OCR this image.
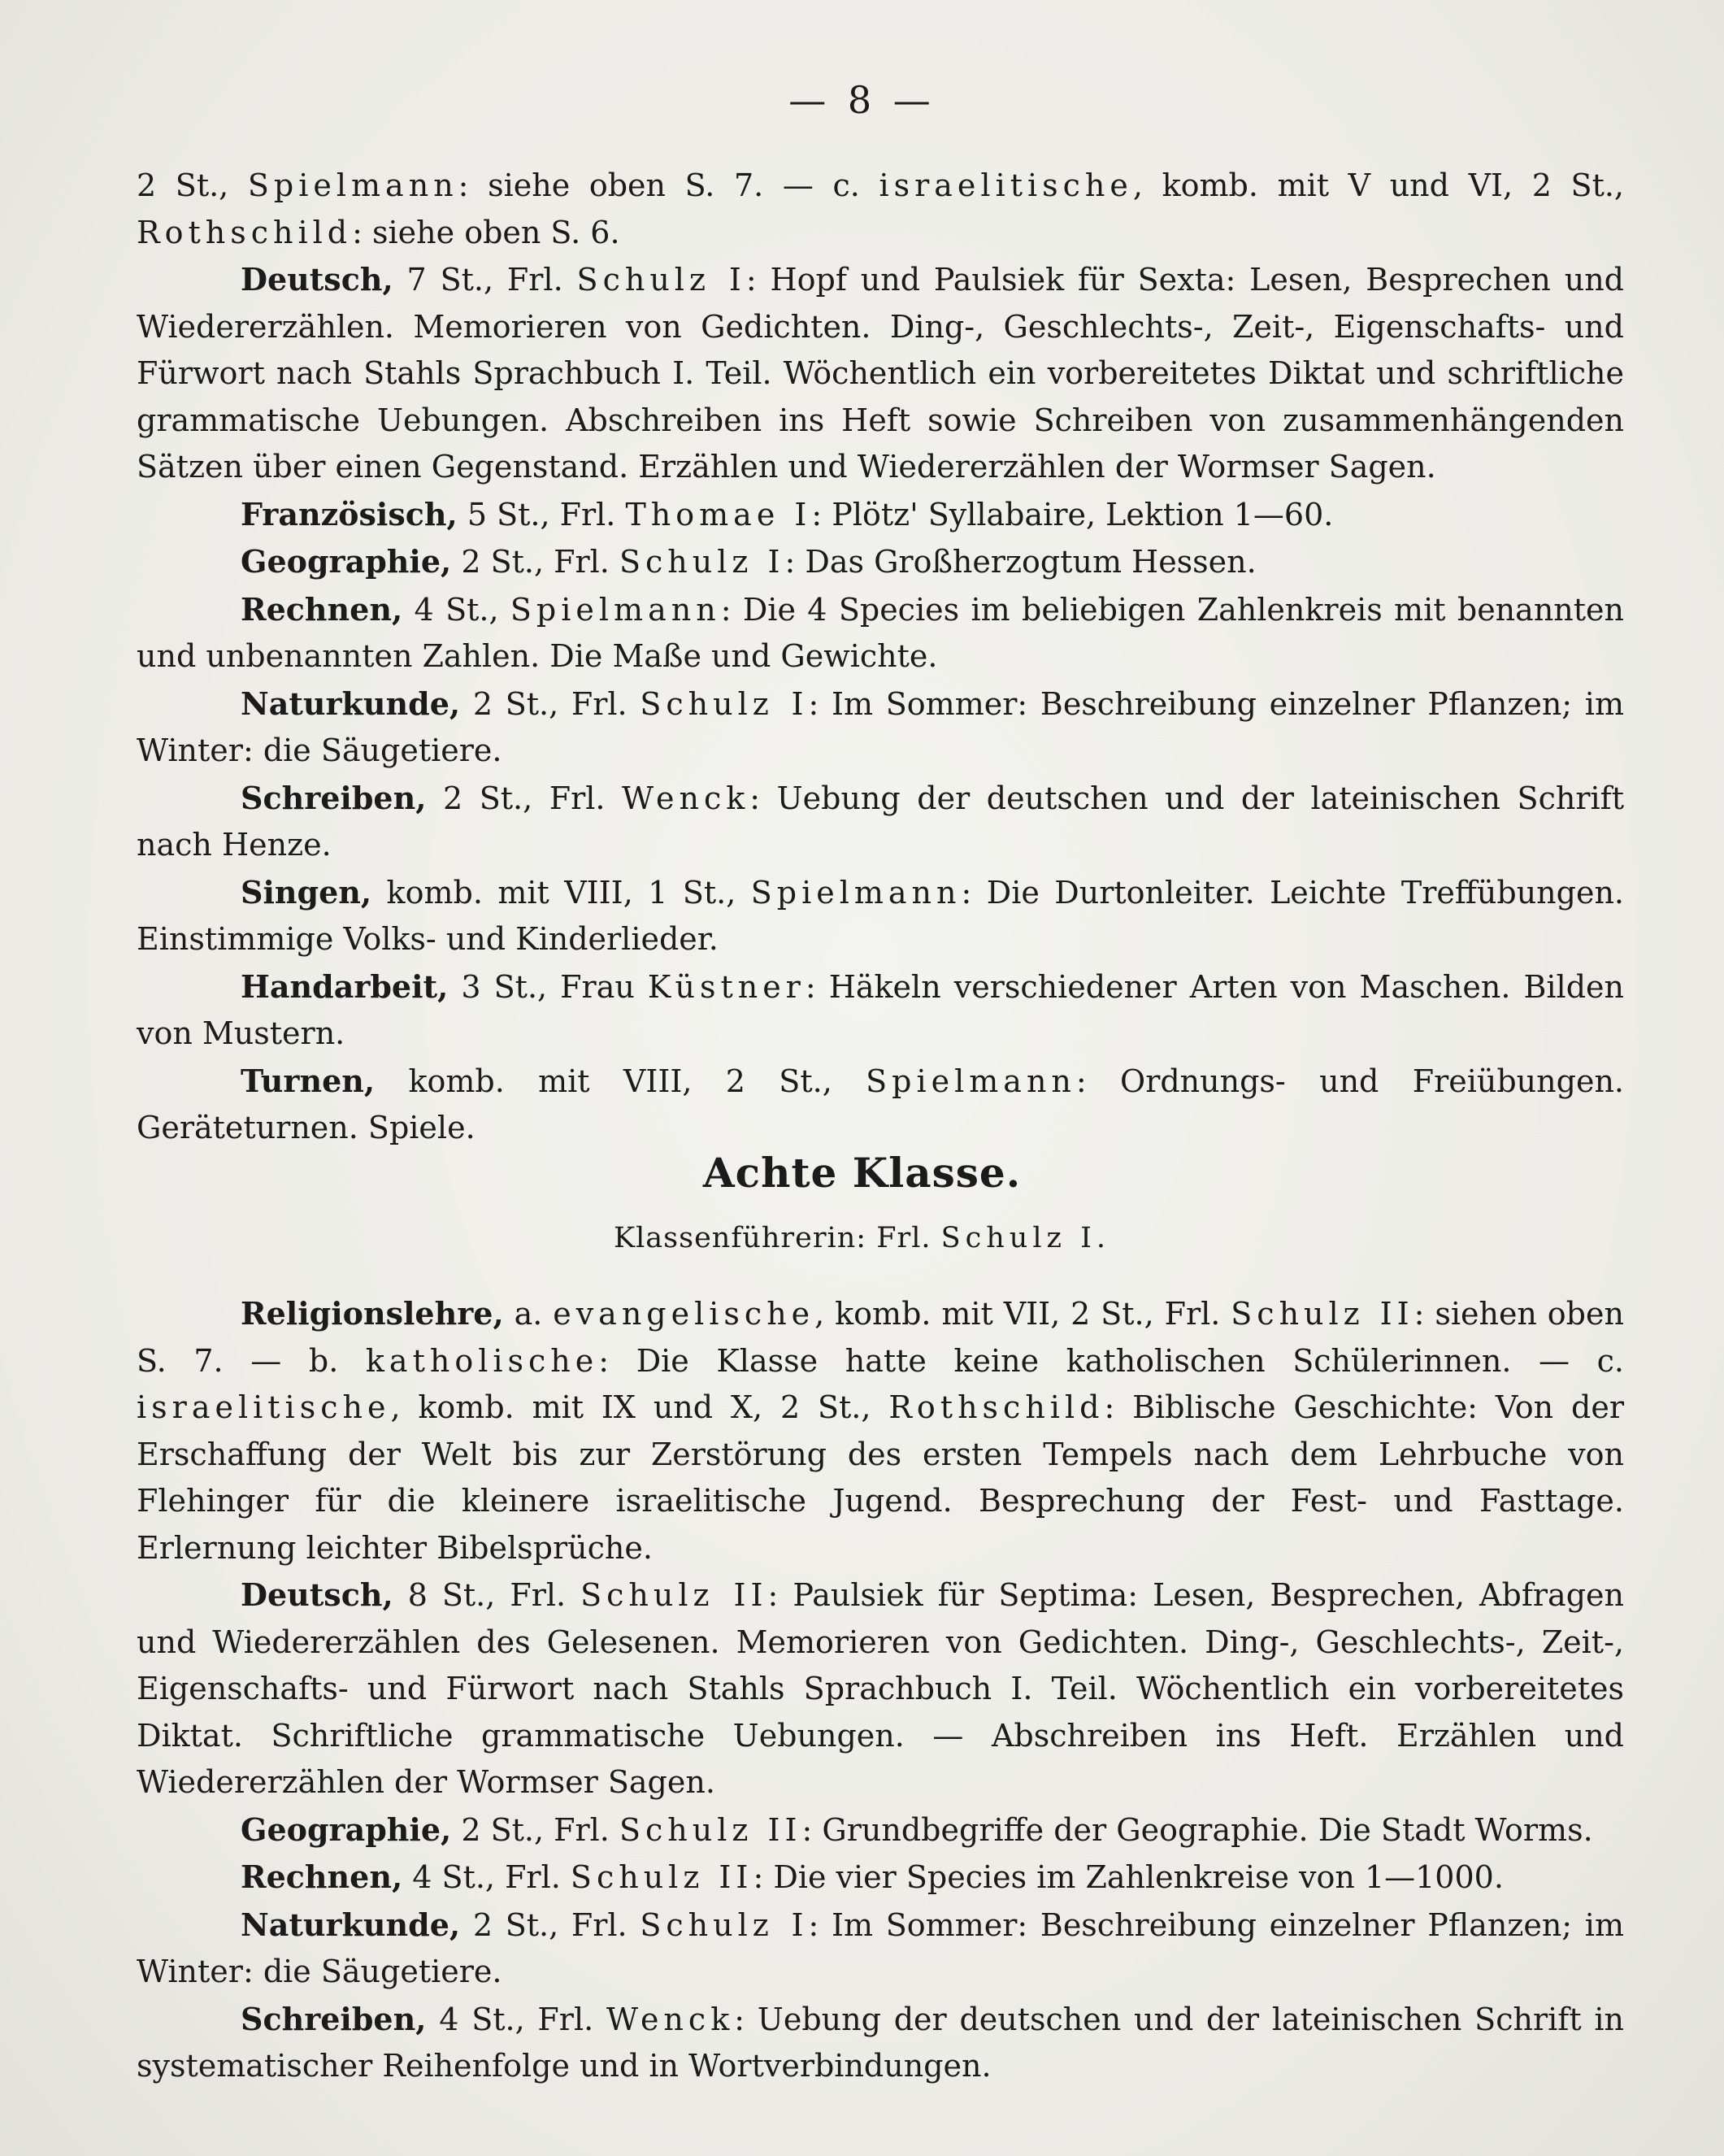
— 8 —

2 St., Spielmann: siehe oben S. 7. — c. israelitische, komb. mit V und VI, 2 St., Rothschild: siehe oben S. 6.

Deutsch, 7 St., Frl. Schulz I: Hopf und Paulsiek für Sexta: Lesen, Besprechen und Wiedererzählen. Memorieren von Gedichten. Ding-, Geschlechts-, Zeit-, Eigenschafts- und Fürwort nach Stahls Sprachbuch I. Teil. Wöchentlich ein vorbereitetes Diktat und schriftliche grammatische Uebungen. Abschreiben ins Heft sowie Schreiben von zusammenhängenden Sätzen über einen Gegenstand. Erzählen und Wiedererzählen der Wormser Sagen.

Französisch, 5 St., Frl. Thomae I: Plötz' Syllabaire, Lektion 1—60.

Geographie, 2 St., Frl. Schulz I: Das Großherzogtum Hessen.

Rechnen, 4 St., Spielmann: Die 4 Species im beliebigen Zahlenkreis mit benannten und unbenannten Zahlen. Die Maße und Gewichte.

Naturkunde, 2 St., Frl. Schulz I: Im Sommer: Beschreibung einzelner Pflanzen; im Winter: die Säugetiere.

Schreiben, 2 St., Frl. Wenck: Uebung der deutschen und der lateinischen Schrift nach Henze.

Singen, komb. mit VIII, 1 St., Spielmann: Die Durtonleiter. Leichte Treffübungen. Einstimmige Volks- und Kinderlieder.

Handarbeit, 3 St., Frau Küstner: Häkeln verschiedener Arten von Maschen. Bilden von Mustern.

Turnen, komb. mit VIII, 2 St., Spielmann: Ordnungs- und Freiübungen. Geräteturnen. Spiele.

Achte Klasse.
Klassenführerin: Frl. Schulz I.

Religionslehre, a. evangelische, komb. mit VII, 2 St., Frl. Schulz II: siehen oben S. 7. — b. katholische: Die Klasse hatte keine katholischen Schülerinnen. — c. israelitische, komb. mit IX und X, 2 St., Rothschild: Biblische Geschichte: Von der Erschaffung der Welt bis zur Zerstörung des ersten Tempels nach dem Lehrbuche von Flehinger für die kleinere israelitische Jugend. Besprechung der Fest- und Fasttage. Erlernung leichter Bibelsprüche.

Deutsch, 8 St., Frl. Schulz II: Paulsiek für Septima: Lesen, Besprechen, Abfragen und Wiedererzählen des Gelesenen. Memorieren von Gedichten. Ding-, Geschlechts-, Zeit-, Eigenschafts- und Fürwort nach Stahls Sprachbuch I. Teil. Wöchentlich ein vorbereitetes Diktat. Schriftliche grammatische Uebungen. — Abschreiben ins Heft. Erzählen und Wiedererzählen der Wormser Sagen.

Geographie, 2 St., Frl. Schulz II: Grundbegriffe der Geographie. Die Stadt Worms.

Rechnen, 4 St., Frl. Schulz II: Die vier Species im Zahlenkreise von 1—1000.

Naturkunde, 2 St., Frl. Schulz I: Im Sommer: Beschreibung einzelner Pflanzen; im Winter: die Säugetiere.

Schreiben, 4 St., Frl. Wenck: Uebung der deutschen und der lateinischen Schrift in systematischer Reihenfolge und in Wortverbindungen.
